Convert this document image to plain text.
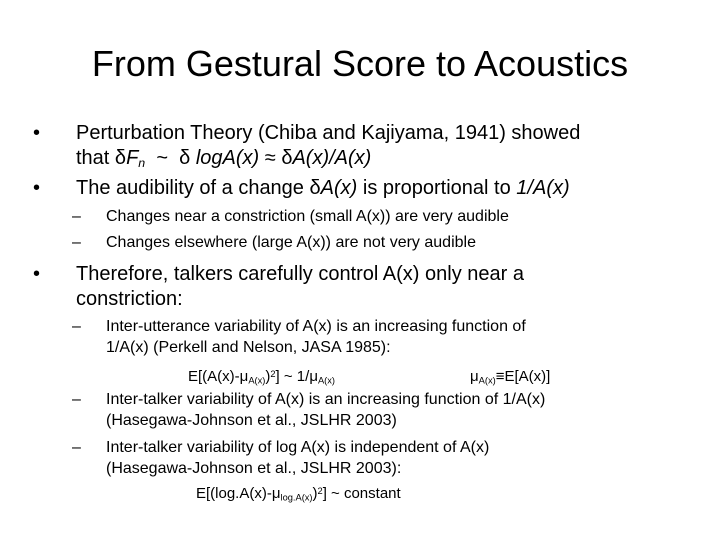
From Gestural Score to Acoustics
• Perturbation Theory (Chiba and Kajiyama, 1941) showed
that $\delta F_n$ ~ δ logA(x) ≈ δA(x)/A(x)
• The audibility of a change δA(x) is proportional to 1/A(x)
– Changes near a constriction (small A(x)) are very audible
– Changes elsewhere (large A(x)) are not very audible
• Therefore, talkers carefully control A(x) only near a
constriction:
– Inter-utterance variability of A(x) is an increasing function of
1/A(x) (Perkell and Nelson, JASA 1985):
$E[(A(x)-\mu_{A(x)})^2]$ ~ $1/\mu_{A(x)}$	$\mu_{A(x)}\equiv E[A(x)]$
– Inter-talker variability of A(x) is an increasing function of 1/A(x)
(Hasegawa-Johnson et al., JSLHR 2003)
– Inter-talker variability of log A(x) is independent of A(x)
(Hasegawa-Johnson et al., JSLHR 2003):
$E[(\log.A(x)-\mu_{log.A(x)})^2]$ ~ constant
